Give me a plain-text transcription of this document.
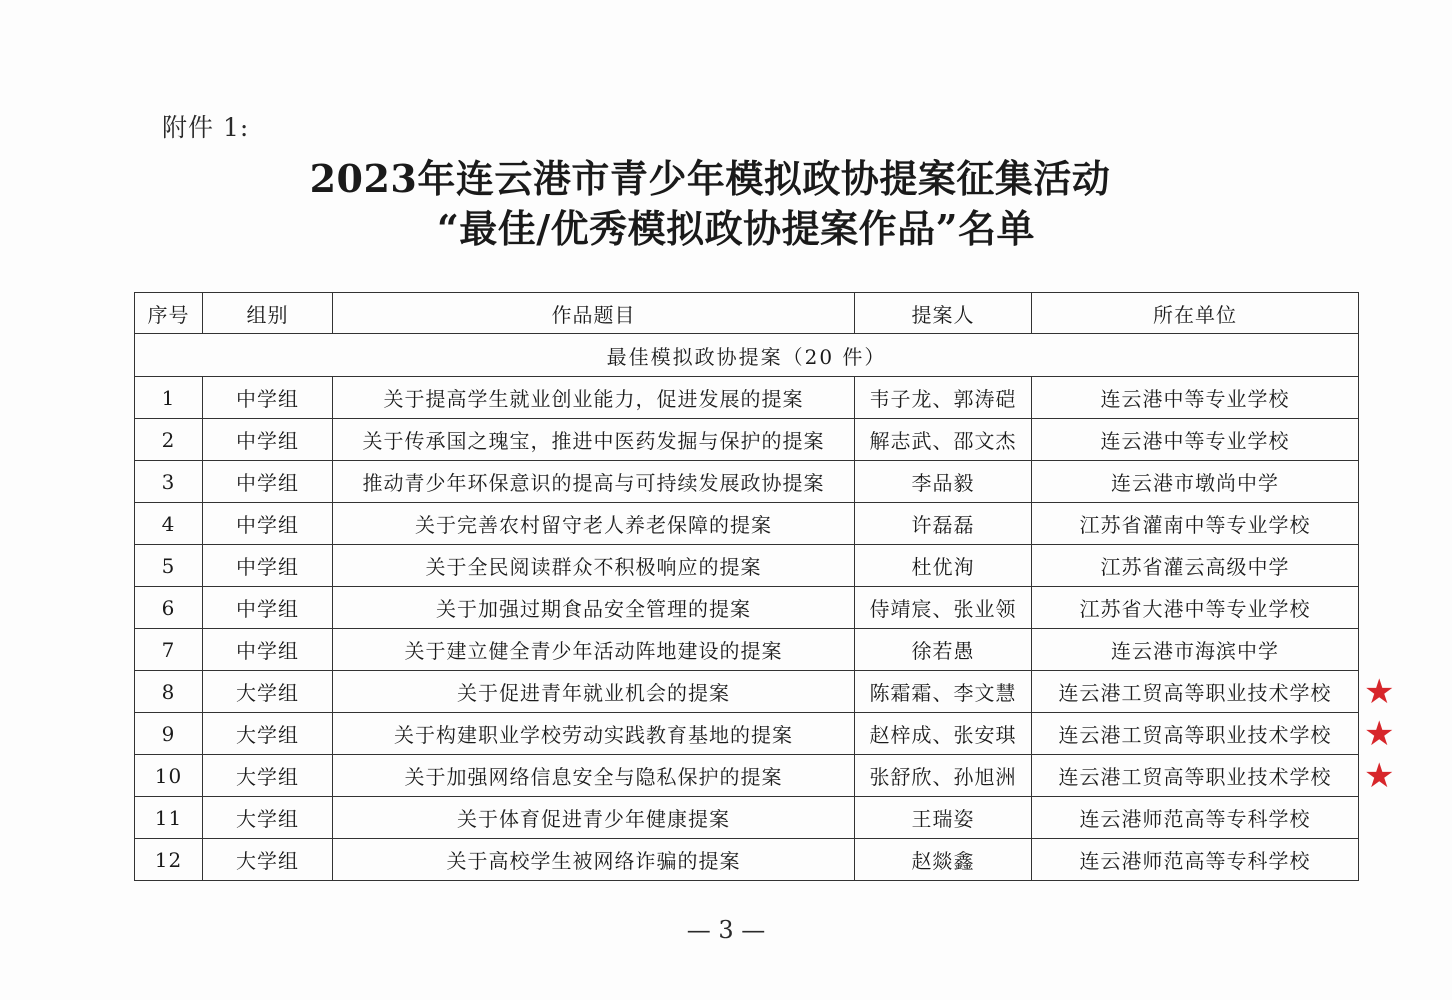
附件 1:
2023年连云港市青少年模拟政协提案征集活动
“最佳/优秀模拟政协提案作品”名单
序号	组别	作品题目	提案人	所在单位
最佳模拟政协提案（20 件）				
1	中学组	关于提高学生就业创业能力，促进发展的提案	韦子龙、郭涛硙	连云港中等专业学校
2	中学组	关于传承国之瑰宝，推进中医药发掘与保护的提案	解志武、邵文杰	连云港中等专业学校
3	中学组	推动青少年环保意识的提高与可持续发展政协提案	李品毅	连云港市墩尚中学
4	中学组	关于完善农村留守老人养老保障的提案	许磊磊	江苏省灌南中等专业学校
5	中学组	关于全民阅读群众不积极响应的提案	杜优洵	江苏省灌云高级中学
6	中学组	关于加强过期食品安全管理的提案	侍靖宸、张业领	江苏省大港中等专业学校
7	中学组	关于建立健全青少年活动阵地建设的提案	徐若愚	连云港市海滨中学
8	大学组	关于促进青年就业机会的提案	陈霜霜、李文慧	连云港工贸高等职业技术学校
9	大学组	关于构建职业学校劳动实践教育基地的提案	赵梓成、张安琪	连云港工贸高等职业技术学校
10	大学组	关于加强网络信息安全与隐私保护的提案	张舒欣、孙旭洲	连云港工贸高等职业技术学校
11	大学组	关于体育促进青少年健康提案	王瑞姿	连云港师范高等专科学校
12	大学组	关于高校学生被网络诈骗的提案	赵燚鑫	连云港师范高等专科学校
★
★
★
— 3 —
